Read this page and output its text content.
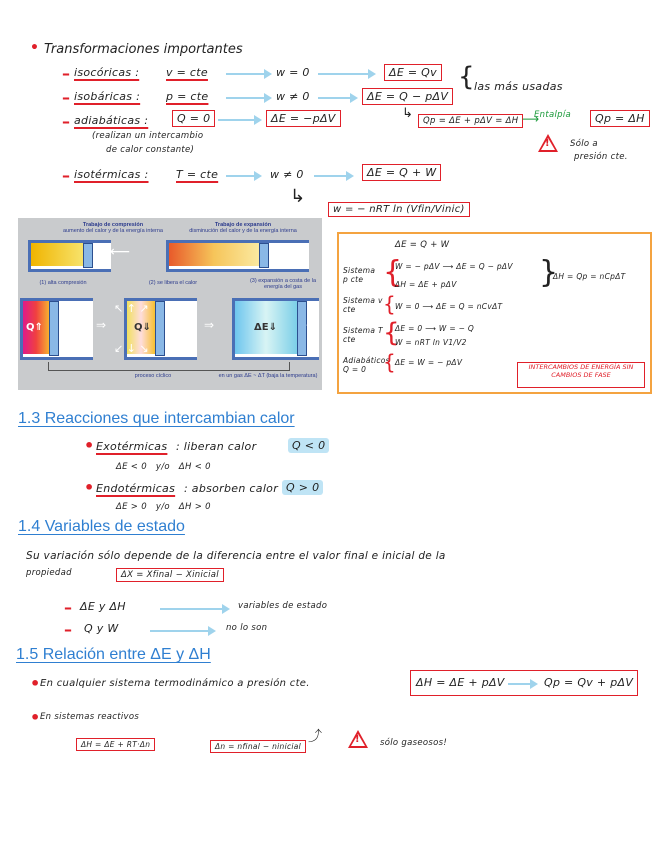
• Transformaciones importantes
– isocóricas : v = cte	w = 0	ΔE = Qv { las más usadas
– isobáricas : p = cte	w ≠ 0	ΔE = Q − pΔV
– adiabáticas :	Q = 0	ΔE = −pΔV
(realizan un intercambio
de calor constante)
↳	Qp = ΔE + pΔV = ΔH ⟶
Entalpía	Qp = ΔH
! Sólo a
presión cte.
– isotérmicas : T = cte	w ≠ 0	ΔE = Q + W
↳
w = − nRT ln (Vfin/Vinic)
Trabajo de compresión
aumento del calor y de la energía interna
Trabajo de expansión
disminución del calor y de la energía interna
⟵	⟶
(1) alta compresión	(2) se libera el calor	(3) expansión a costa de la energía del gas
Q⇑ ⟵	Q⇓
↖ ↑ ↗
↙ ↓ ↘
⟵	ΔE⇓ →
⇒	⇒
proceso cíclico	en un gas ΔE ~ ΔT (baja la temperatura)
ΔE = Q + W
Sistema p cte {
W = − pΔV ⟶ ΔE = Q − pΔV
ΔH = ΔE + pΔV	}
ΔH = Qp = nCpΔT
Sistema v cte	{ W = 0 ⟶ ΔE = Q = nCvΔT
Sistema T cte	{
ΔE = 0 ⟶ W = − Q
W = nRT ln V1/V2
Adiabáticos Q = 0 { ΔE = W = − pΔV	INTERCAMBIOS DE ENERGÍA SIN CAMBIOS DE FASE
1.3 Reacciones que intercambian calor
• Exotérmicas : liberan calor	Q < 0
ΔE < 0   y/o   ΔH < 0
• Endotérmicas : absorben calor Q > 0
ΔE > 0   y/o   ΔH > 0
1.4 Variables de estado
Su variación sólo depende de la diferencia entre el valor final e inicial de la
propiedad	ΔX = Xfinal − Xinicial
– ΔE y ΔH	variables de estado
– Q y W	no lo son
1.5 Relación entre ΔE y ΔH
• En cualquier sistema termodinámico a presión cte.	ΔH = ΔE + pΔV	Qp = Qv + pΔV
• En sistemas reactivos
ΔH = ΔE + RT·Δn	Δn = nfinal − ninicial
⤴	! sólo gaseosos!
